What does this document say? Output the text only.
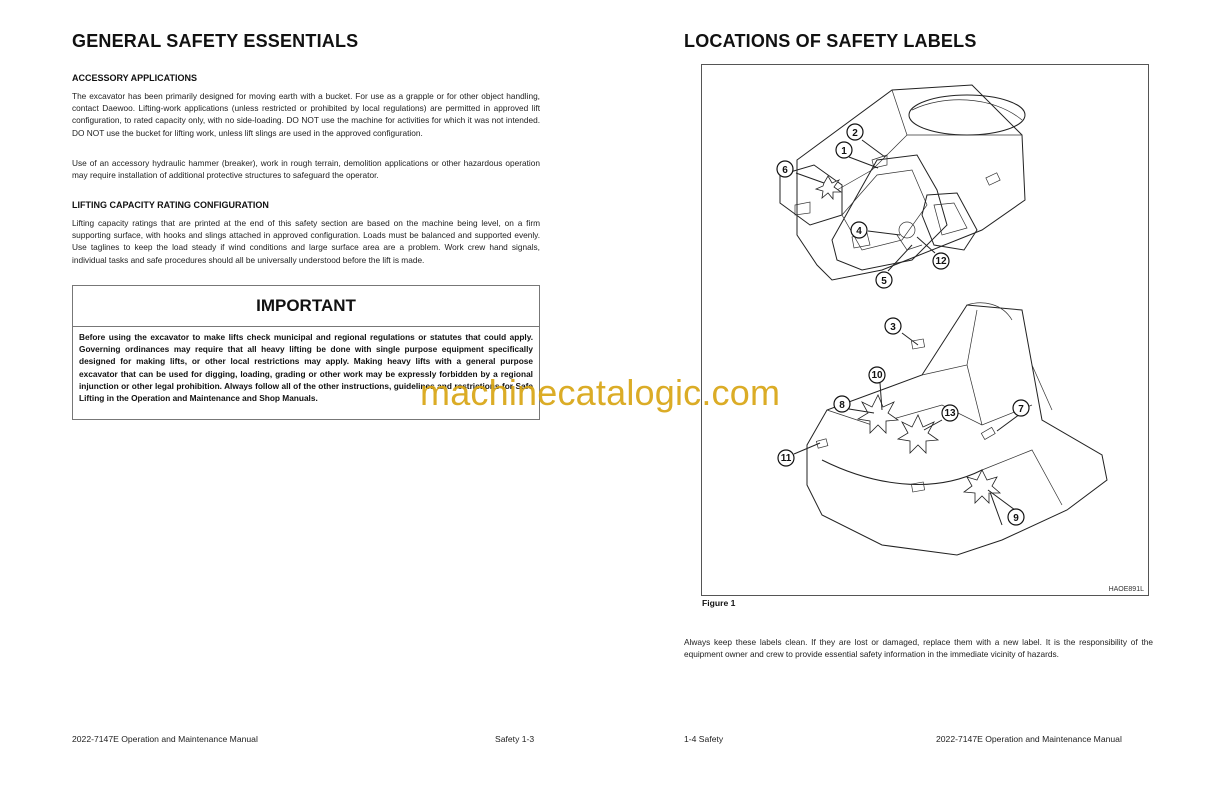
GENERAL SAFETY ESSENTIALS
ACCESSORY APPLICATIONS

The excavator has been primarily designed for moving earth with a bucket. For use as a grapple or for other object handling, contact Daewoo. Lifting-work applications (unless restricted or prohibited by local regulations) are permitted in approved lift configuration, to rated capacity only, with no side-loading. DO NOT use the machine for activities for which it was not intended. DO NOT use the bucket for lifting work, unless lift slings are used in the approved configuration.

Use of an accessory hydraulic hammer (breaker), work in rough terrain, demolition applications or other hazardous operation may require installation of additional protective structures to safeguard the operator.

LIFTING CAPACITY RATING CONFIGURATION

Lifting capacity ratings that are printed at the end of this safety section are based on the machine being level, on a firm supporting surface, with hooks and slings attached in approved configuration. Loads must be balanced and supported evenly. Use taglines to keep the load steady if wind conditions and large surface area are a problem. Work crew hand signals, individual tasks and safe procedures should all be universally understood before the lift is made.

IMPORTANT
Before using the excavator to make lifts check municipal and regional regulations or statutes that could apply. Governing ordinances may require that all heavy lifting be done with single purpose equipment specifically designed for making lifts, or other local restrictions may apply. Making heavy lifts with a general purpose excavator that can be used for digging, loading, grading or other work may be expressly forbidden by a regional injunction or other legal prohibition. Always follow all of the other instructions, guidelines and restrictions for Safe Lifting in the Operation and Maintenance and Shop Manuals.
2022-7147E Operation and Maintenance Manual	Safety 1-3
LOCATIONS OF SAFETY LABELS
1
2
3
4
5
6
7
8
9
10
11
12
13
HAOE891L
Figure 1

Always keep these labels clean. If they are lost or damaged, replace them with a new label. It is the responsibility of the equipment owner and crew to provide essential safety information in the immediate vicinity of hazards.

1-4 Safety	2022-7147E Operation and Maintenance Manual
machinecatalogic.com
